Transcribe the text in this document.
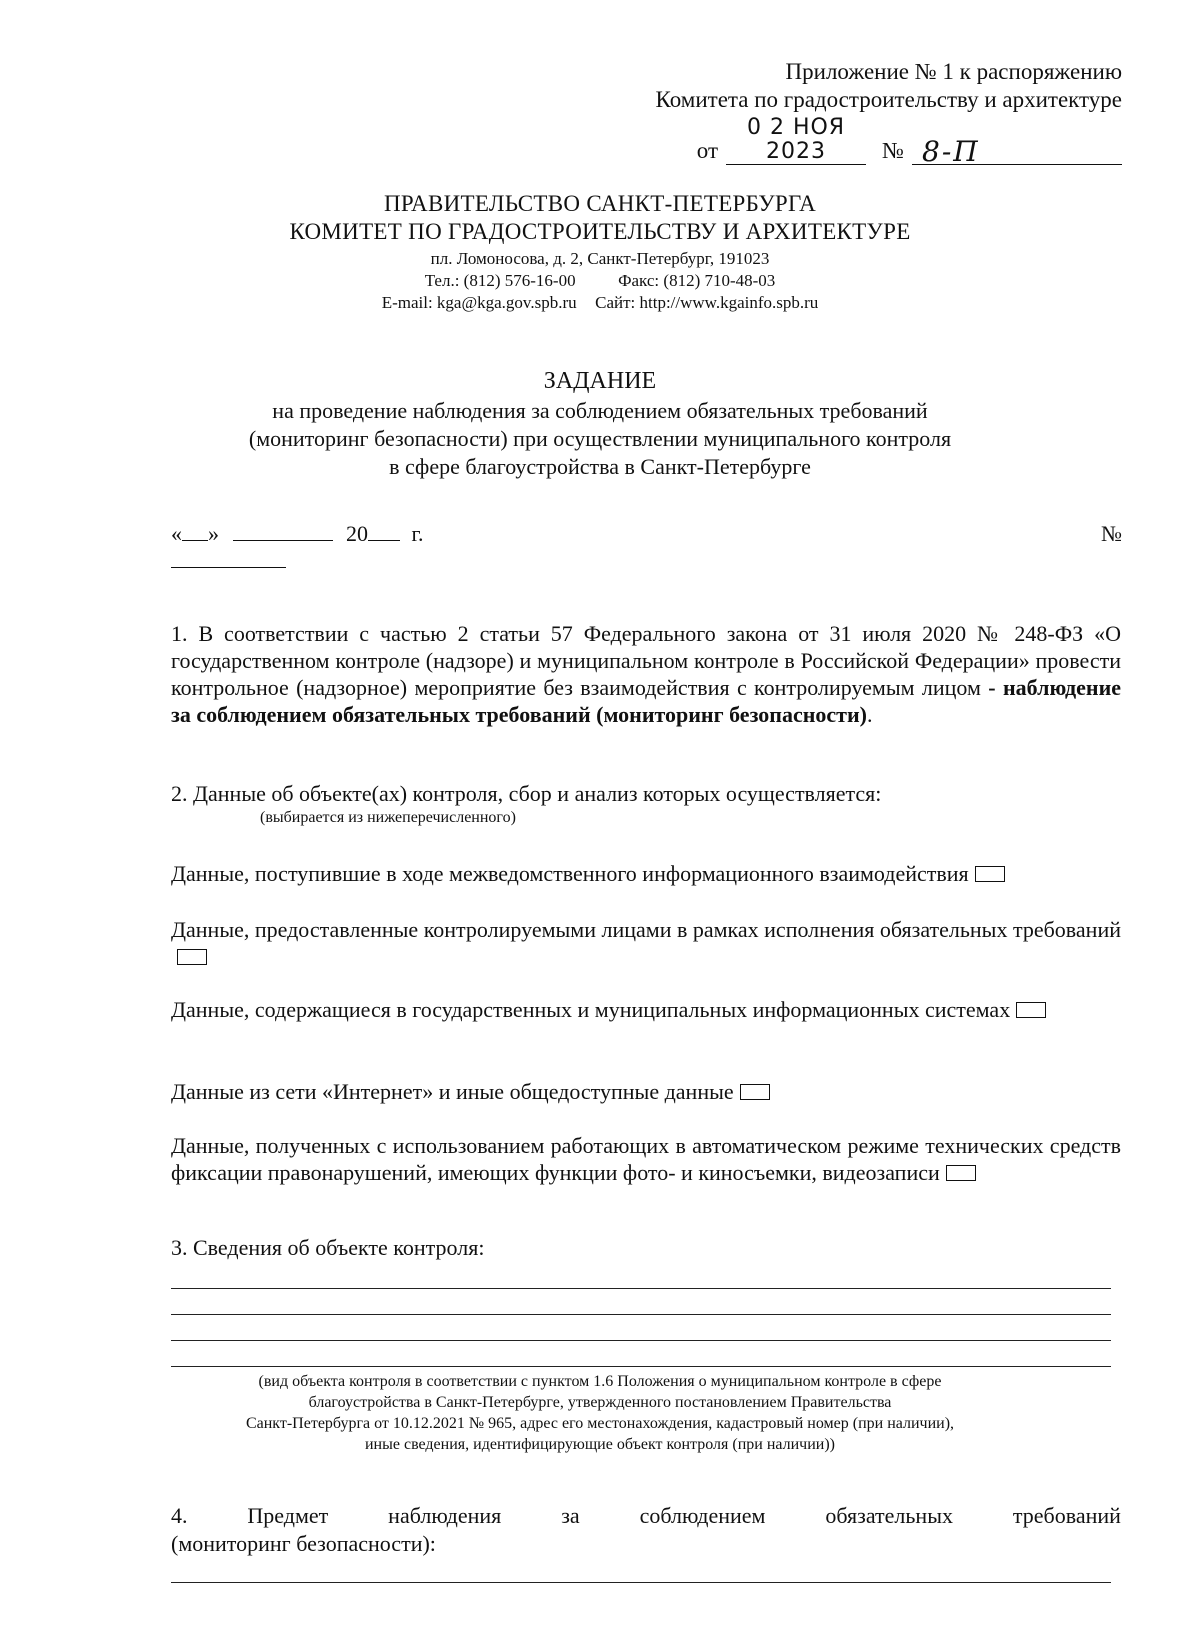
Приложение № 1 к распоряжению
Комитета по градостроительству и архитектуре
от
0 2 НОЯ 2023	№ 8-П
ПРАВИТЕЛЬСТВО САНКТ-ПЕТЕРБУРГА
КОМИТЕТ ПО ГРАДОСТРОИТЕЛЬСТВУ И АРХИТЕКТУРЕ
пл. Ломоносова, д. 2, Санкт-Петербург, 191023
Тел.: (812) 576-16-00	Факс: (812) 710-48-03
E-mail: kga@kga.gov.spb.ru Сайт: http://www.kgainfo.spb.ru
ЗАДАНИЕ
на проведение наблюдения за соблюдением обязательных требований
(мониторинг безопасности) при осуществлении муниципального контроля
в сфере благоустройства в Санкт-Петербурге
« »	20 г.	№
1. В соответствии с частью 2 статьи 57 Федерального закона от 31 июля 2020 № 248-ФЗ «О государственном контроле (надзоре) и муниципальном контроле в Российской Федерации» провести контрольное (надзорное) мероприятие без взаимодействия с контролируемым лицом - наблюдение за соблюдением обязательных требований (мониторинг безопасности).
2. Данные об объекте(ах) контроля, сбор и анализ которых осуществляется:
(выбирается из нижеперечисленного)
Данные, поступившие в ходе межведомственного информационного взаимодействия
Данные, предоставленные контролируемыми лицами в рамках исполнения обязательных требований
Данные, содержащиеся в государственных и муниципальных информационных системах
Данные из сети «Интернет» и иные общедоступные данные
Данные, полученных с использованием работающих в автоматическом режиме технических средств фиксации правонарушений, имеющих функции фото- и киносъемки, видеозаписи
3. Сведения об объекте контроля:
(вид объекта контроля в соответствии с пунктом 1.6 Положения о муниципальном контроле в сфере
благоустройства в Санкт-Петербурге, утвержденного постановлением Правительства
Санкт-Петербурга от 10.12.2021 № 965, адрес его местонахождения, кадастровый номер (при наличии),
иные сведения, идентифицирующие объект контроля (при наличии))
4.	Предмет	наблюдения	за	соблюдением	обязательных	требований
(мониторинг безопасности):
